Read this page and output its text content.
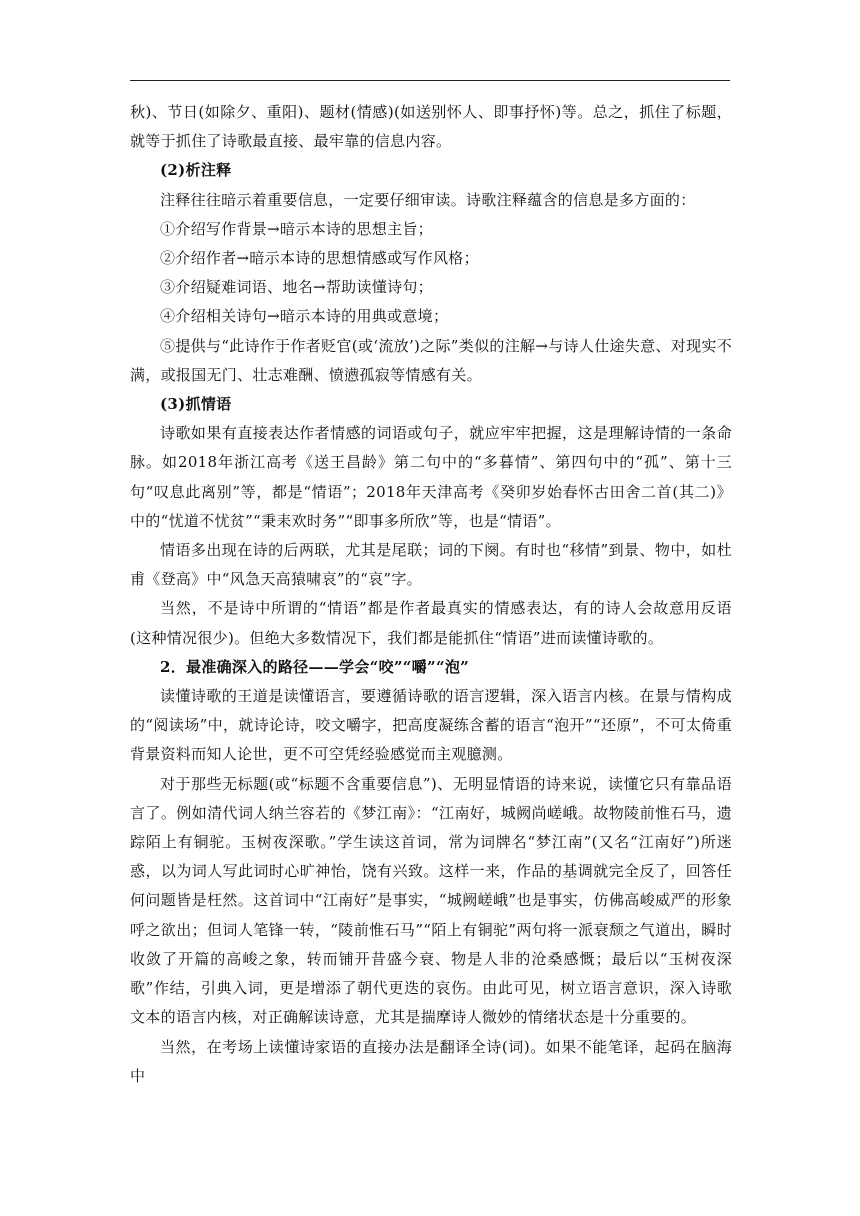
秋)、节日(如除夕、重阳)、题材(情感)(如送别怀人、即事抒怀)等。总之，抓住了标题，就等于抓住了诗歌最直接、最牢靠的信息内容。

(2)析注释

注释往往暗示着重要信息，一定要仔细审读。诗歌注释蕴含的信息是多方面的：

①介绍写作背景→暗示本诗的思想主旨；

②介绍作者→暗示本诗的思想情感或写作风格；

③介绍疑难词语、地名→帮助读懂诗句；

④介绍相关诗句→暗示本诗的用典或意境；

⑤提供与“此诗作于作者贬官(或‘流放’)之际”类似的注解→与诗人仕途失意、对现实不满，或报国无门、壮志难酬、愤懑孤寂等情感有关。

(3)抓情语

诗歌如果有直接表达作者情感的词语或句子，就应牢牢把握，这是理解诗情的一条命脉。如2018年浙江高考《送王昌龄》第二句中的“多暮情”、第四句中的“孤”、第十三句“叹息此离别”等，都是“情语”；2018年天津高考《癸卯岁始春怀古田舍二首(其二)》中的“忧道不忧贫”“秉耒欢时务”“即事多所欣”等，也是“情语”。

情语多出现在诗的后两联，尤其是尾联；词的下阕。有时也“移情”到景、物中，如杜甫《登高》中“风急天高猿啸哀”的“哀”字。

当然，不是诗中所谓的“情语”都是作者最真实的情感表达，有的诗人会故意用反语(这种情况很少)。但绝大多数情况下，我们都是能抓住“情语”进而读懂诗歌的。

2．最准确深入的路径——学会“咬”“嚼”“泡”

读懂诗歌的王道是读懂语言，要遵循诗歌的语言逻辑，深入语言内核。在景与情构成的“阅读场”中，就诗论诗，咬文嚼字，把高度凝练含蓄的语言“泡开”“还原”，不可太倚重背景资料而知人论世，更不可空凭经验感觉而主观臆测。

对于那些无标题(或“标题不含重要信息”)、无明显情语的诗来说，读懂它只有靠品语言了。例如清代词人纳兰容若的《梦江南》：“江南好，城阙尚嵯峨。故物陵前惟石马，遗踪陌上有铜驼。玉树夜深歌。”学生读这首词，常为词牌名“梦江南”(又名“江南好”)所迷惑，以为词人写此词时心旷神怡，饶有兴致。这样一来，作品的基调就完全反了，回答任何问题皆是枉然。这首词中“江南好”是事实，“城阙嵯峨”也是事实，仿佛高峻威严的形象呼之欲出；但词人笔锋一转，“陵前惟石马”“陌上有铜驼”两句将一派衰颓之气道出，瞬时收敛了开篇的高峻之象，转而铺开昔盛今衰、物是人非的沧桑感慨；最后以“玉树夜深歌”作结，引典入词，更是增添了朝代更迭的哀伤。由此可见，树立语言意识，深入诗歌文本的语言内核，对正确解读诗意，尤其是揣摩诗人微妙的情绪状态是十分重要的。

当然，在考场上读懂诗家语的直接办法是翻译全诗(词)。如果不能笔译，起码在脑海中
